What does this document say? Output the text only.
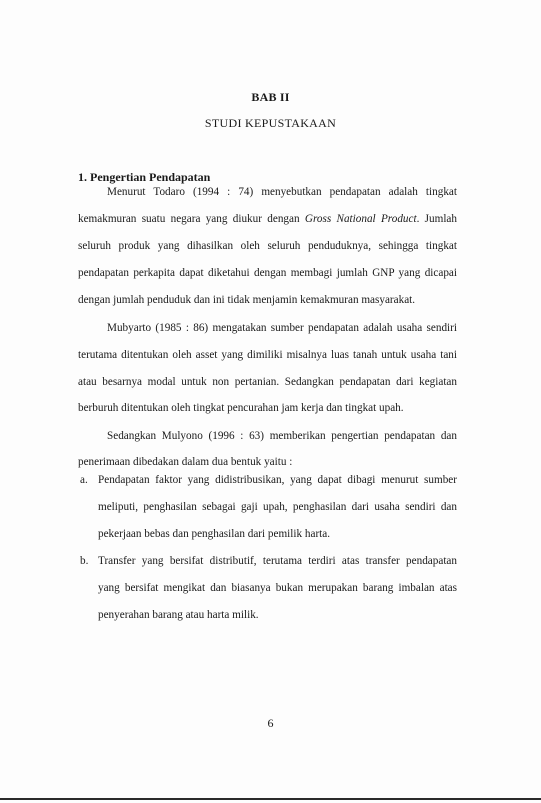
BAB II
STUDI KEPUSTAKAAN
1. Pengertian Pendapatan
Menurut Todaro (1994 : 74) menyebutkan pendapatan adalah tingkat
kemakmuran suatu negara yang diukur dengan Gross National Product. Jumlah
seluruh produk yang dihasilkan oleh seluruh penduduknya, sehingga tingkat
pendapatan perkapita dapat diketahui dengan membagi jumlah GNP yang dicapai
dengan jumlah penduduk dan ini tidak menjamin kemakmuran masyarakat.
Mubyarto (1985 : 86) mengatakan sumber pendapatan adalah usaha sendiri
terutama ditentukan oleh asset yang dimiliki misalnya luas tanah untuk usaha tani
atau besarnya modal untuk non pertanian. Sedangkan pendapatan dari kegiatan
berburuh ditentukan oleh tingkat pencurahan jam kerja dan tingkat upah.
Sedangkan Mulyono (1996 : 63) memberikan pengertian pendapatan dan
penerimaan dibedakan dalam dua bentuk yaitu :
a. Pendapatan faktor yang didistribusikan, yang dapat dibagi menurut sumber
meliputi, penghasilan sebagai gaji upah, penghasilan dari usaha sendiri dan
pekerjaan bebas dan penghasilan dari pemilik harta.
b. Transfer yang bersifat distributif, terutama terdiri atas transfer pendapatan
yang bersifat mengikat dan biasanya bukan merupakan barang imbalan atas
penyerahan barang atau harta milik.
6
